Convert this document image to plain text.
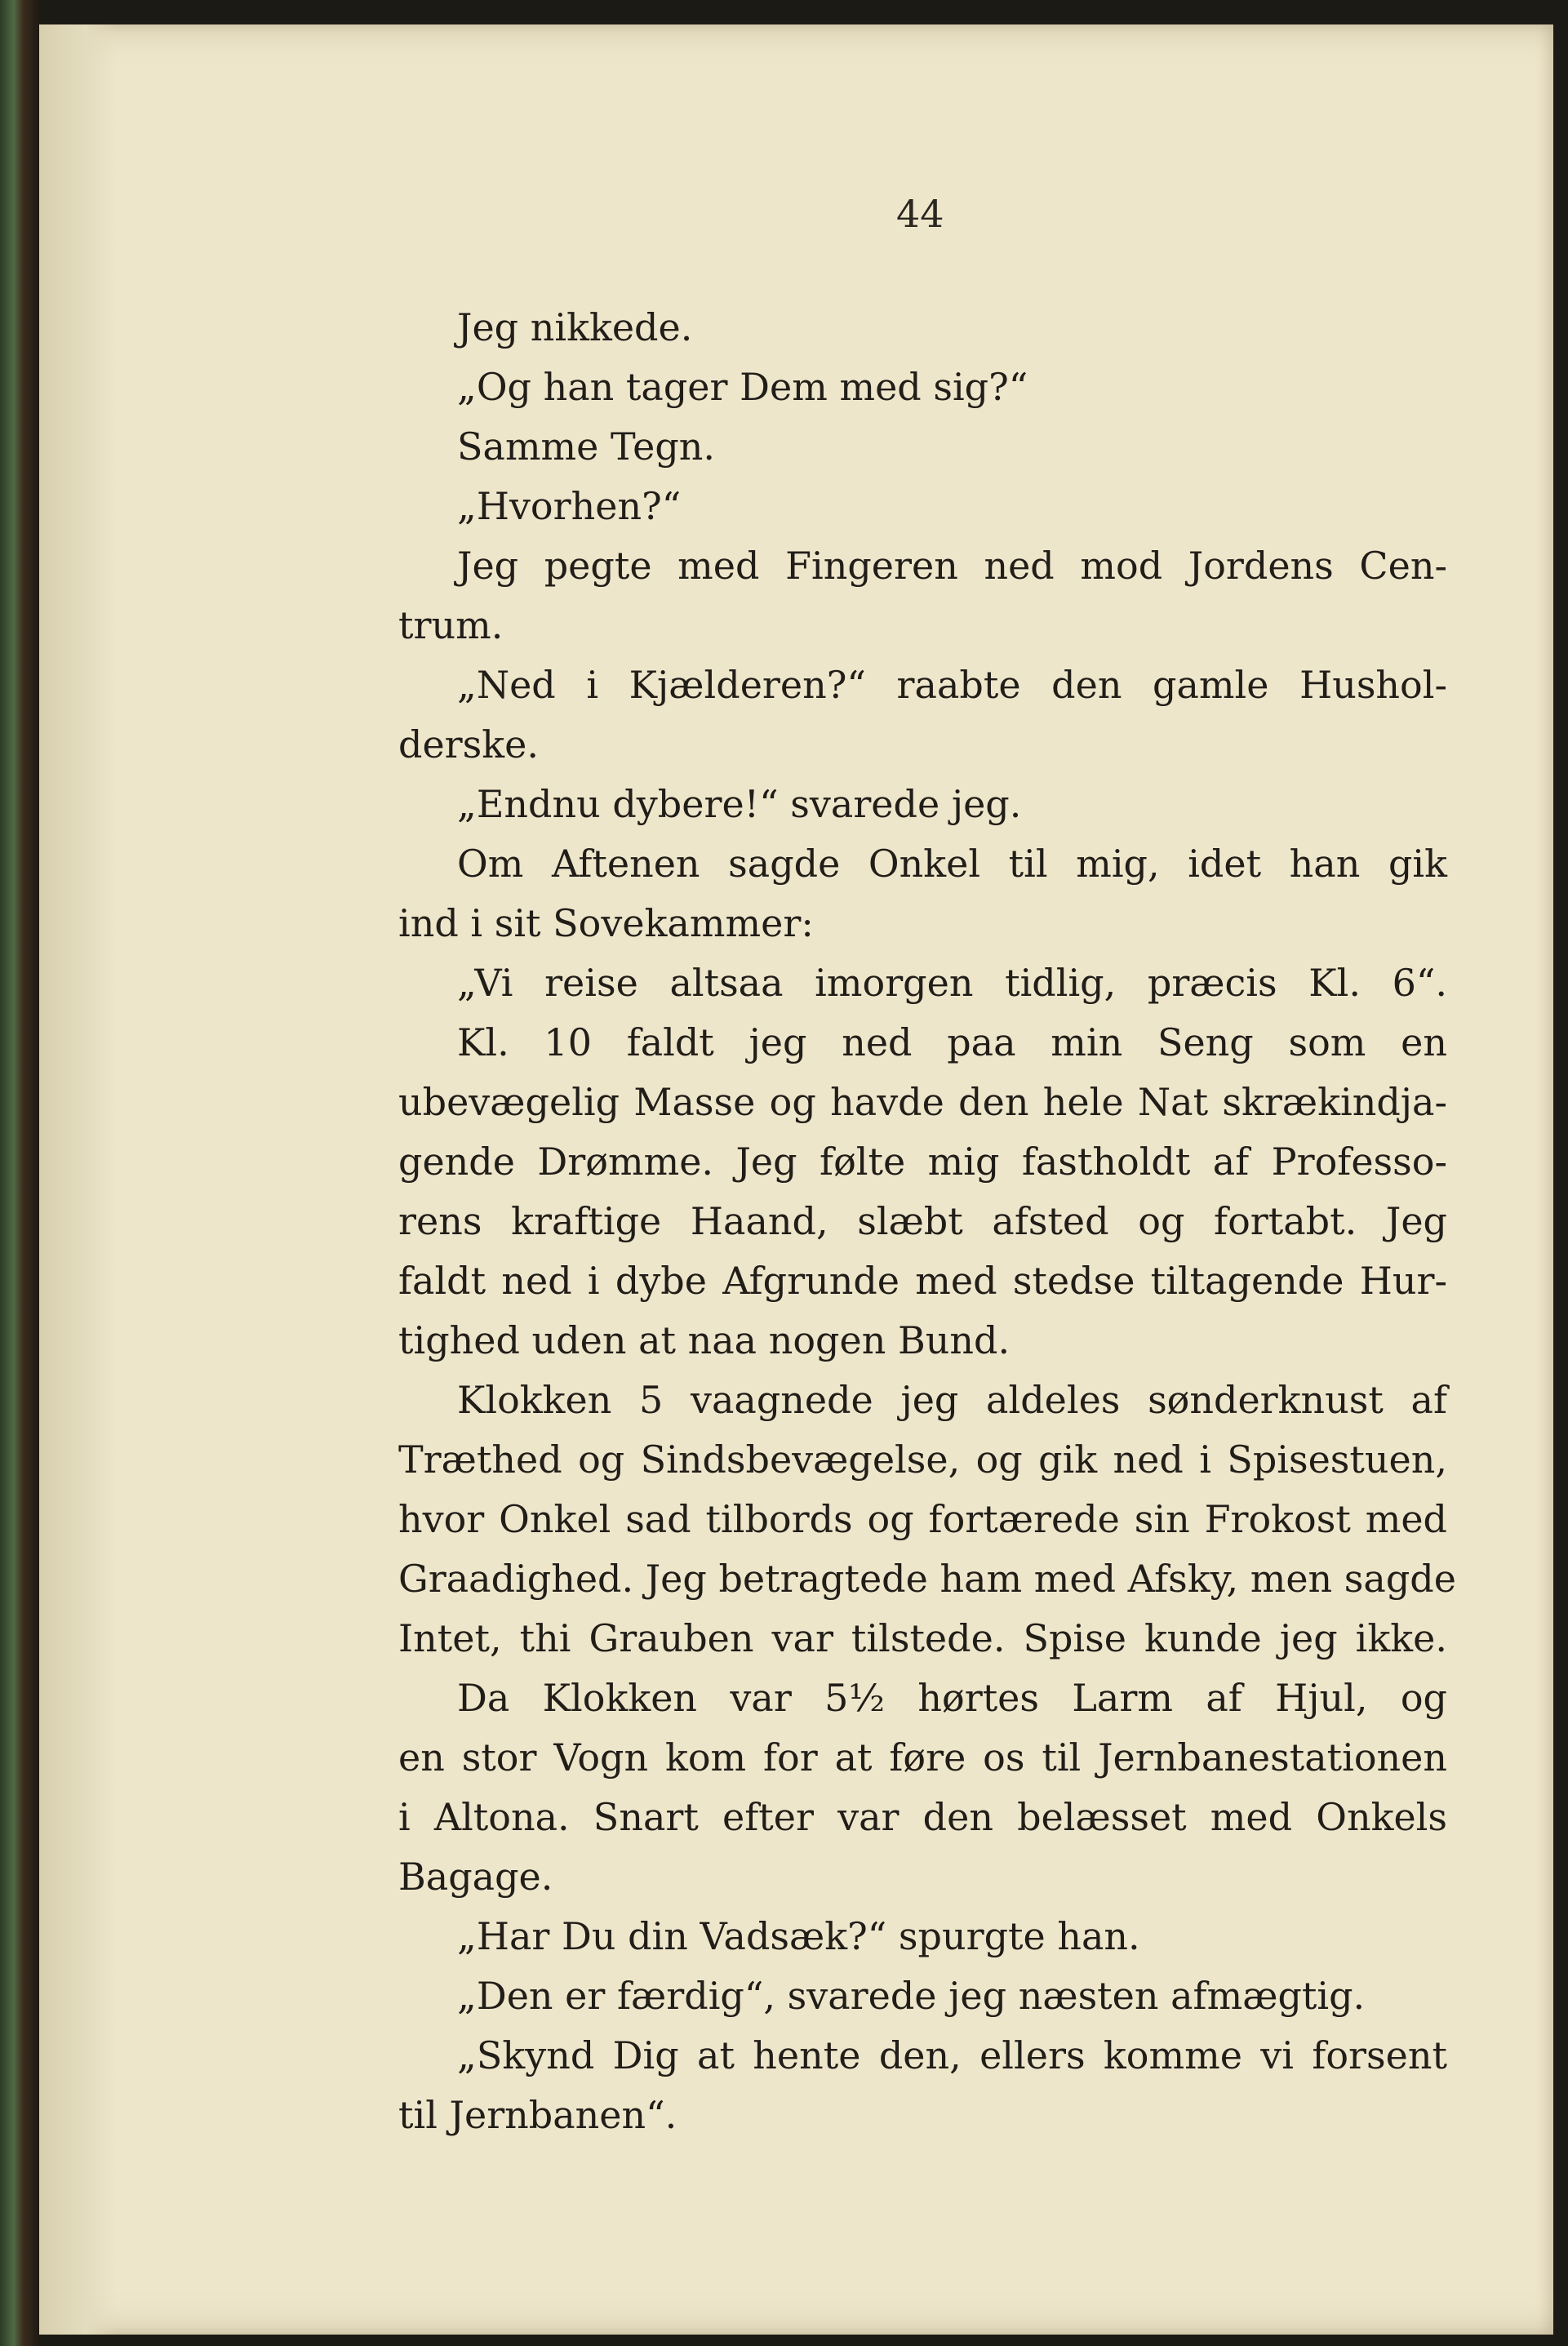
44
Jeg nikkede.
„Og han tager Dem med sig?“
Samme Tegn.
„Hvorhen?“
Jeg pegte med Fingeren ned mod Jordens Cen-
trum.
„Ned i Kjælderen?“ raabte den gamle Hushol-
derske.
„Endnu dybere!“ svarede jeg.
Om Aftenen sagde Onkel til mig, idet han gik
ind i sit Sovekammer:
„Vi reise altsaa imorgen tidlig, præcis Kl. 6“.
Kl. 10 faldt jeg ned paa min Seng som en
ubevægelig Masse og havde den hele Nat skrækindja-
gende Drømme. Jeg følte mig fastholdt af Professo-
rens kraftige Haand, slæbt afsted og fortabt. Jeg
faldt ned i dybe Afgrunde med stedse tiltagende Hur-
tighed uden at naa nogen Bund.
Klokken 5 vaagnede jeg aldeles sønderknust af
Træthed og Sindsbevægelse, og gik ned i Spisestuen,
hvor Onkel sad tilbords og fortærede sin Frokost med
Graadighed. Jeg betragtede ham med Afsky, men sagde
Intet, thi Grauben var tilstede. Spise kunde jeg ikke.
Da Klokken var 5½ hørtes Larm af Hjul, og
en stor Vogn kom for at føre os til Jernbanestationen
i Altona. Snart efter var den belæsset med Onkels
Bagage.
„Har Du din Vadsæk?“ spurgte han.
„Den er færdig“, svarede jeg næsten afmægtig.
„Skynd Dig at hente den, ellers komme vi forsent
til Jernbanen“.
